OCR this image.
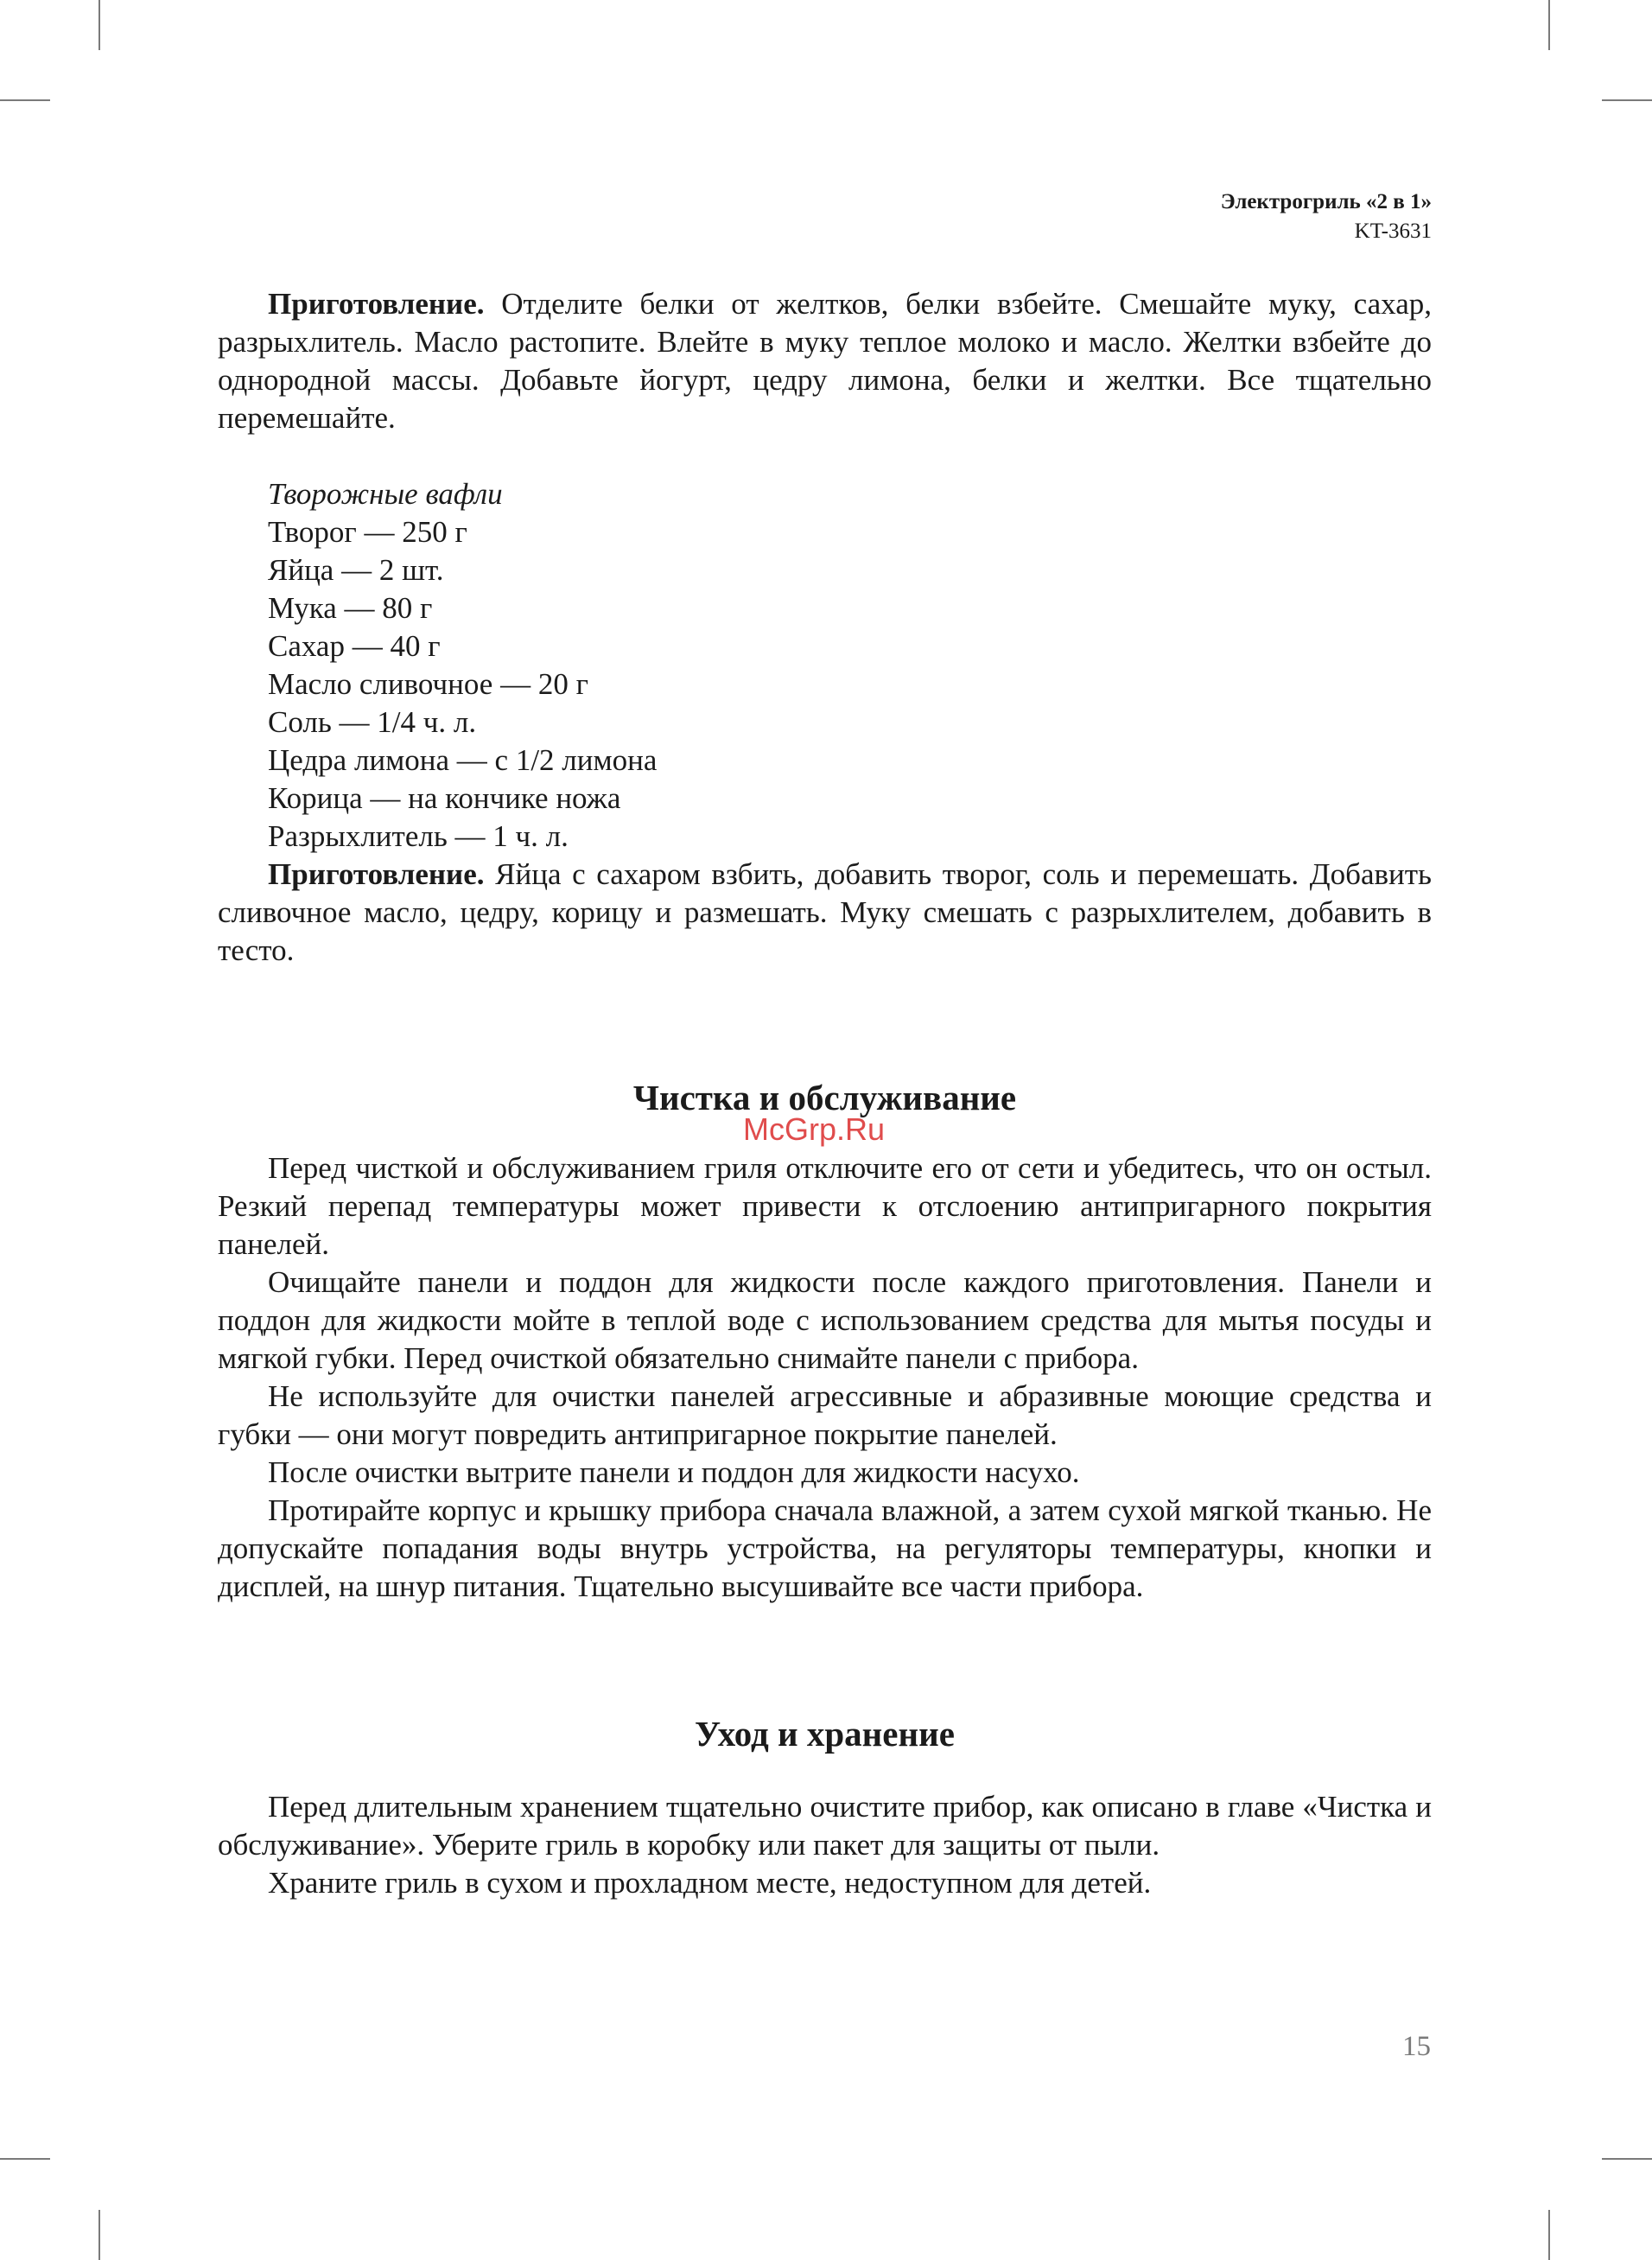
Электрогриль «2 в 1»
KT-3631

Приготовление. Отделите белки от желтков, белки взбейте. Смешайте муку, сахар, разрыхлитель. Масло растопите. Влейте в муку теплое молоко и масло. Желтки взбейте до однородной массы. Добавьте йогурт, цедру лимона, белки и желтки. Все тщательно перемешайте.

Творожные вафли
Творог — 250 г
Яйца — 2 шт.
Мука — 80 г
Сахар — 40 г
Масло сливочное — 20 г
Соль — 1/4 ч. л.
Цедра лимона — с 1/2 лимона
Корица — на кончике ножа
Разрыхлитель — 1 ч. л.

Приготовление. Яйца с сахаром взбить, добавить творог, соль и перемешать. Добавить сливочное масло, цедру, корицу и размешать. Муку смешать с разрыхлителем, добавить в тесто.

Чистка и обслуживание

Перед чисткой и обслуживанием гриля отключите его от сети и убедитесь, что он остыл. Резкий перепад температуры может привести к отслоению антипригарного покрытия панелей.

Очищайте панели и поддон для жидкости после каждого приготовления. Панели и поддон для жидкости мойте в теплой воде с использованием средства для мытья посуды и мягкой губки. Перед очисткой обязательно снимайте панели с прибора.

Не используйте для очистки панелей агрессивные и абразивные моющие средства и губки — они могут повредить антипригарное покрытие панелей.

После очистки вытрите панели и поддон для жидкости насухо.

Протирайте корпус и крышку прибора сначала влажной, а затем сухой мягкой тканью. Не допускайте попадания воды внутрь устройства, на регуляторы температуры, кнопки и дисплей, на шнур питания. Тщательно высушивайте все части прибора.

Уход и хранение

Перед длительным хранением тщательно очистите прибор, как описано в главе «Чистка и обслуживание». Уберите гриль в коробку или пакет для защиты от пыли.

Храните гриль в сухом и прохладном месте, недоступном для детей.

McGrp.Ru
15
